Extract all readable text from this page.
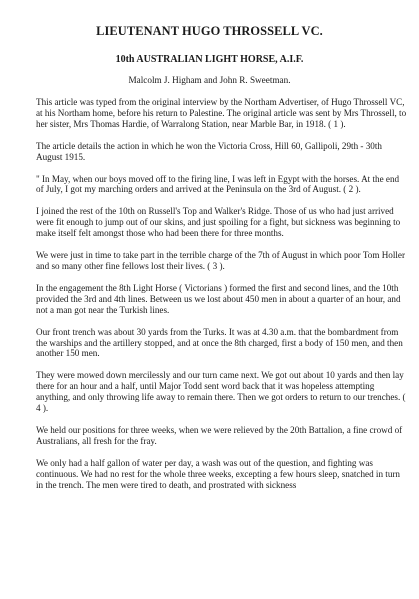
LIEUTENANT HUGO THROSSELL VC.
10th AUSTRALIAN LIGHT HORSE, A.I.F.

Malcolm J. Higham and John R. Sweetman.

This article was typed from the original interview by the Northam Advertiser, of Hugo Throssell VC, at his Northam home, before his return to Palestine. The original article was sent by Mrs Throssell, to her sister, Mrs Thomas Hardie, of Warralong Station, near Marble Bar, in 1918. ( 1 ).

The article details the action in which he won the Victoria Cross, Hill 60, Gallipoli, 29th - 30th August 1915.

" In May, when our boys moved off to the firing line, I was left in Egypt with the horses. At the end of July, I got my marching orders and arrived at the Peninsula on the 3rd of August. ( 2 ).

I joined the rest of the 10th on Russell's Top and Walker's Ridge. Those of us who had just arrived were fit enough to jump out of our skins, and just spoiling for a fight, but sickness was beginning to make itself felt amongst those who had been there for three months.

We were just in time to take part in the terrible charge of the 7th of August in which poor Tom Holler and so many other fine fellows lost their lives. ( 3 ).

In the engagement the 8th Light Horse ( Victorians ) formed the first and second lines, and the 10th provided the 3rd and 4th lines. Between us we lost about 450 men in about a quarter of an hour, and not a man got near the Turkish lines.

Our front trench was about 30 yards from the Turks. It was at 4.30 a.m. that the bombardment from the warships and the artillery stopped, and at once the 8th charged, first a body of 150 men, and then another 150 men.

They were mowed down mercilessly and our turn came next. We got out about 10 yards and then lay there for an hour and a half, until Major Todd sent word back that it was hopeless attempting anything, and only throwing life away to remain there. Then we got orders to return to our trenches. ( 4 ).

We held our positions for three weeks, when we were relieved by the 20th Battalion, a fine crowd of Australians, all fresh for the fray.

We only had a half gallon of water per day, a wash was out of the question, and fighting was continuous. We had no rest for the whole three weeks, excepting a few hours sleep, snatched in turn in the trench. The men were tired to death, and prostrated with sickness
